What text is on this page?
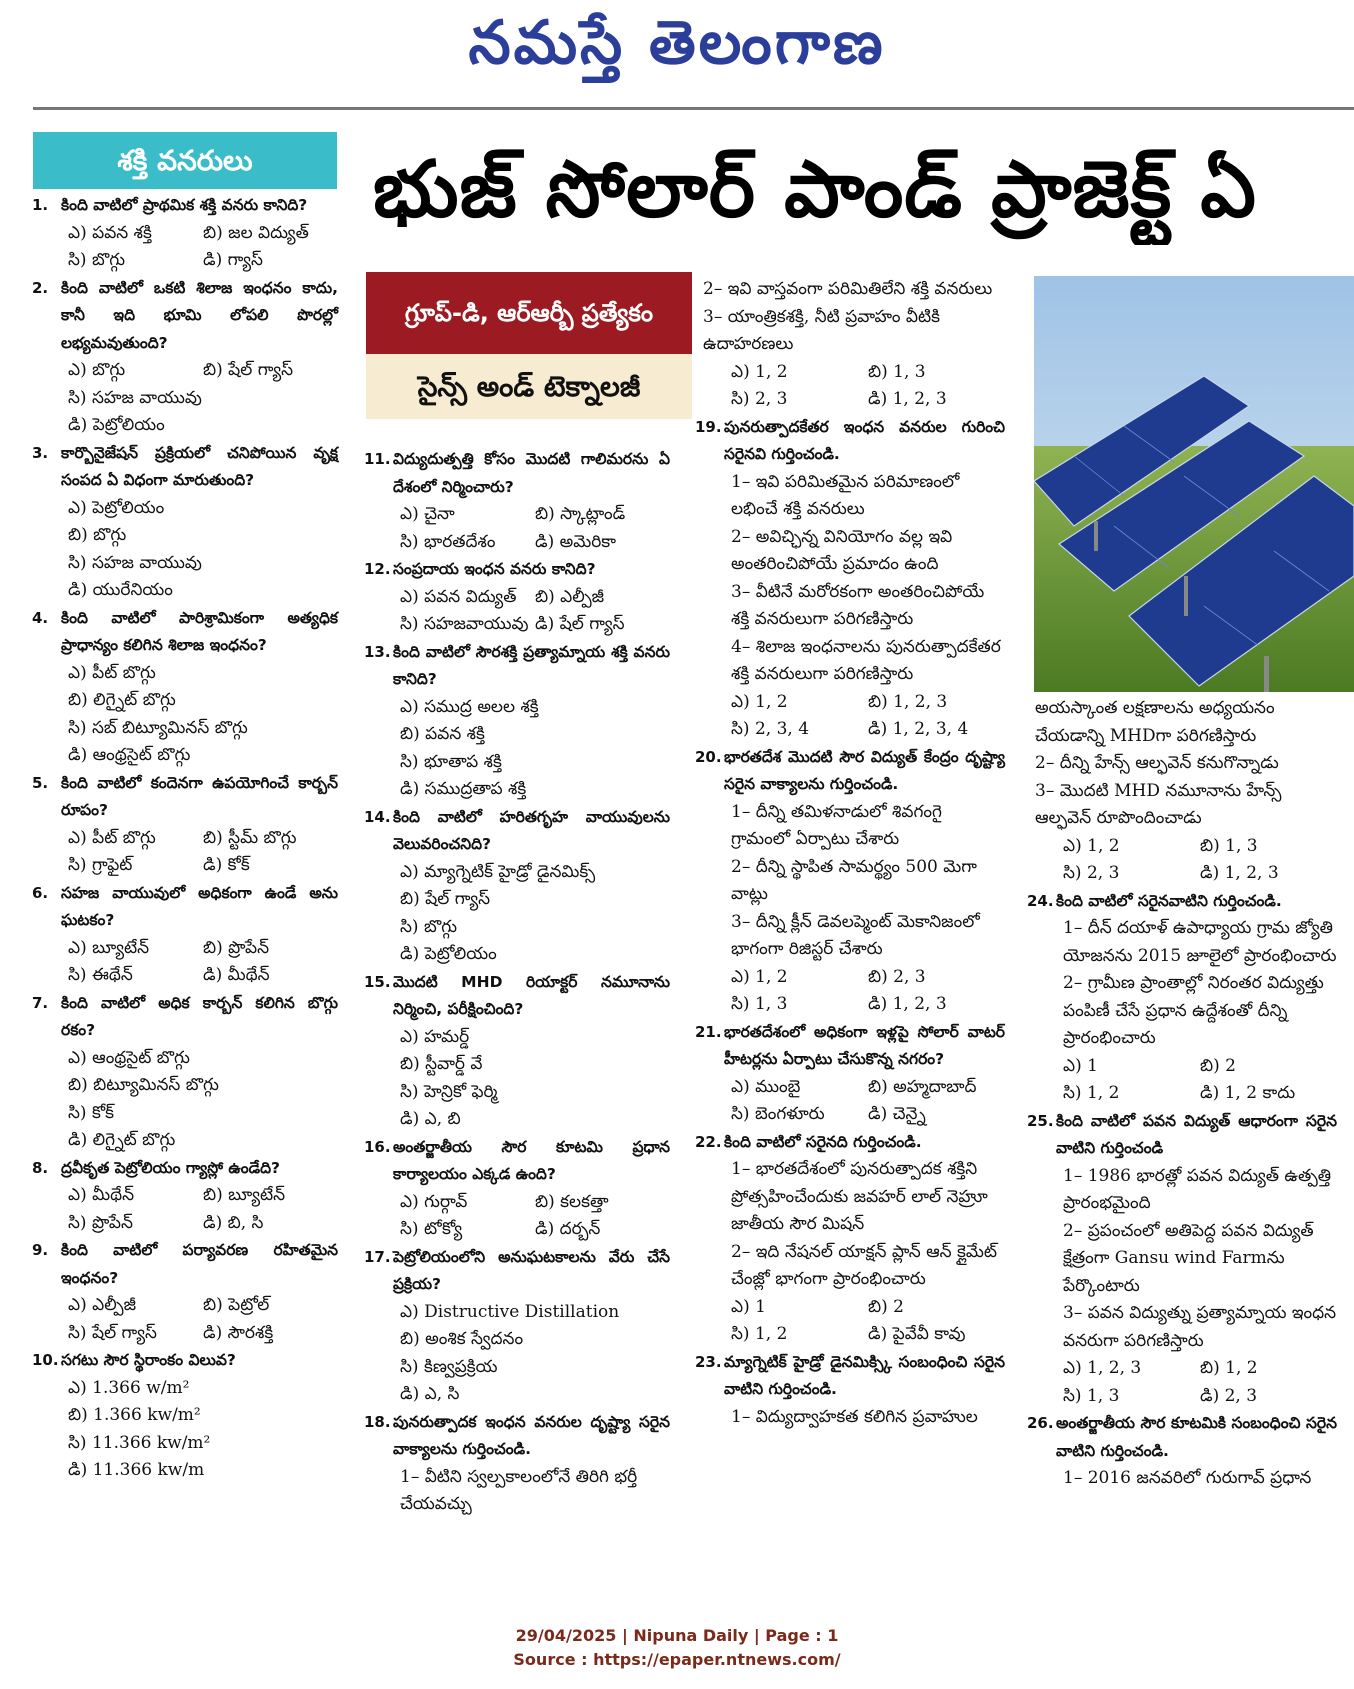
నమస్తే తెలంగాణ
శక్తి వనరులు	భుజ్ సోలార్ పాండ్ ప్రాజెక్ట్ ఏ
గ్రూప్-డి, ఆర్ఆర్బీ ప్రత్యేకం
సైన్స్ అండ్ టెక్నాలజీ
1. కింది వాటిలో ప్రాథమిక శక్తి వనరు కానిది?
ఎ) పవన శక్తి	బి) జల విద్యుత్
సి) బొగ్గు	డి) గ్యాస్
2. కింది వాటిలో ఒకటి శిలాజ ఇంధనం కాదు, కానీ ఇది భూమి లోపలి పొరల్లో లభ్యమవుతుంది?
ఎ) బొగ్గు	బి) షేల్ గ్యాస్
సి) సహజ వాయువు
డి) పెట్రోలియం
3. కార్బొనైజేషన్ ప్రక్రియలో చనిపోయిన వృక్ష సంపద ఏ విధంగా మారుతుంది?
ఎ) పెట్రోలియం
బి) బొగ్గు
సి) సహజ వాయువు
డి) యురేనియం
4. కింది వాటిలో పారిశ్రామికంగా అత్యధిక ప్రాధాన్యం కలిగిన శిలాజ ఇంధనం?
ఎ) పీట్ బొగ్గు
బి) లిగ్నైట్ బొగ్గు
సి) సబ్ బిట్యూమినస్ బొగ్గు
డి) ఆంథ్రసైట్ బొగ్గు
5. కింది వాటిలో కందెనగా ఉపయోగించే కార్బన్ రూపం?
ఎ) పీట్ బొగ్గు	బి) స్టీమ్ బొగ్గు
సి) గ్రాఫైట్	డి) కోక్
6. సహజ వాయువులో అధికంగా ఉండే అను ఘటకం?
ఎ) బ్యూటేన్	బి) ప్రొపేన్
సి) ఈథేన్	డి) మీథేన్
7. కింది వాటిలో అధిక కార్బన్ కలిగిన బొగ్గు రకం?
ఎ) ఆంథ్రసైట్ బొగ్గు
బి) బిట్యూమినస్ బొగ్గు
సి) కోక్
డి) లిగ్నైట్ బొగ్గు
8. ద్రవీకృత పెట్రోలియం గ్యాస్లో ఉండేది?
ఎ) మీథేన్	బి) బ్యూటేన్
సి) ప్రొపేన్	డి) బి, సి
9. కింది వాటిలో పర్యావరణ రహితమైన ఇంధనం?
ఎ) ఎల్పీజీ	బి) పెట్రోల్
సి) షేల్ గ్యాస్	డి) సౌరశక్తి
10. సగటు సౌర స్థిరాంకం విలువ?
ఎ) 1.366 w/m²
బి) 1.366 kw/m²
సి) 11.366 kw/m²
డి) 11.366 kw/m
11. విద్యుదుత్పత్తి కోసం మొదటి గాలిమరను ఏ దేశంలో నిర్మించారు?
ఎ) చైనా	బి) స్కాట్లాండ్
సి) భారతదేశం	డి) అమెరికా
12. సంప్రదాయ ఇంధన వనరు కానిది?
ఎ) పవన విద్యుత్	బి) ఎల్పీజీ
సి) సహజవాయువు డి) షేల్ గ్యాస్
13. కింది వాటిలో సౌరశక్తి ప్రత్యామ్నాయ శక్తి వనరు కానిది?
ఎ) సముద్ర అలల శక్తి
బి) పవన శక్తి
సి) భూతాప శక్తి
డి) సముద్రతాప శక్తి
14. కింది వాటిలో హరితగృహ వాయువులను వెలువరించనిది?
ఎ) మ్యాగ్నెటిక్ హైడ్రో డైనమిక్స్
బి) షేల్ గ్యాస్
సి) బొగ్గు
డి) పెట్రోలియం
15. మొదటి MHD రియాక్టర్ నమూనాను నిర్మించి, పరీక్షించింది?
ఎ) హమర్డ్
బి) స్టీవార్డ్ వే
సి) హెన్రికో ఫెర్మి
డి) ఎ, బి
16. అంతర్జాతీయ సౌర కూటమి ప్రధాన కార్యాలయం ఎక్కడ ఉంది?
ఎ) గుర్గావ్	బి) కలకత్తా
సి) టోక్యో	డి) దర్బన్
17. పెట్రోలియంలోని అనుఘటకాలను వేరు చేసే ప్రక్రియ?
ఎ) Distructive Distillation
బి) అంశిక స్వేదనం
సి) కిణ్వప్రక్రియ
డి) ఎ, సి
18. పునరుత్పాదక ఇంధన వనరుల దృష్ట్యా సరైన వాక్యాలను గుర్తించండి.
1– వీటిని స్వల్పకాలంలోనే తిరిగి భర్తీ చేయవచ్చు
2– ఇవి వాస్తవంగా పరిమితిలేని శక్తి వనరులు
3– యాంత్రికశక్తి, నీటి ప్రవాహం వీటికి ఉదాహరణలు
ఎ) 1, 2	బి) 1, 3
సి) 2, 3	డి) 1, 2, 3
19. పునరుత్పాదకేతర ఇంధన వనరుల గురించి సరైనవి గుర్తించండి.
1– ఇవి పరిమితమైన పరిమాణంలో లభించే శక్తి వనరులు
2– అవిచ్ఛిన్న వినియోగం వల్ల ఇవి అంతరించిపోయే ప్రమాదం ఉంది
3– వీటినే మరోరకంగా అంతరించిపోయే శక్తి వనరులుగా పరిగణిస్తారు
4– శిలాజ ఇంధనాలను పునరుత్పాదకేతర శక్తి వనరులుగా పరిగణిస్తారు
ఎ) 1, 2	బి) 1, 2, 3
సి) 2, 3, 4	డి) 1, 2, 3, 4
20. భారతదేశ మొదటి సౌర విద్యుత్ కేంద్రం దృష్ట్యా సరైన వాక్యాలను గుర్తించండి.
1– దీన్ని తమిళనాడులో శివగంగై గ్రామంలో ఏర్పాటు చేశారు
2– దీన్ని స్థాపిత సామర్థ్యం 500 మెగా వాట్లు
3– దీన్ని క్లీన్ డెవలప్మెంట్ మెకానిజంలో భాగంగా రిజిస్టర్ చేశారు
ఎ) 1, 2	బి) 2, 3
సి) 1, 3	డి) 1, 2, 3
21. భారతదేశంలో అధికంగా ఇళ్లపై సోలార్ వాటర్ హీటర్లను ఏర్పాటు చేసుకొన్న నగరం?
ఎ) ముంబై	బి) అహ్మదాబాద్
సి) బెంగళూరు	డి) చెన్నై
22. కింది వాటిలో సరైనది గుర్తించండి.
1– భారతదేశంలో పునరుత్పాదక శక్తిని ప్రోత్సహించేందుకు జవహర్ లాల్ నెహ్రూ జాతీయ సౌర మిషన్
2– ఇది నేషనల్ యాక్షన్ ప్లాన్ ఆన్ క్లైమేట్ చేంజ్లో భాగంగా ప్రారంభించారు
ఎ) 1	బి) 2
సి) 1, 2	డి) పైవేవీ కావు
23. మ్యాగ్నెటిక్ హైడ్రో డైనమిక్స్కి సంబంధించి సరైన వాటిని గుర్తించండి.
1– విద్యుద్వాహకత కలిగిన ప్రవాహుల
అయస్కాంత లక్షణాలను అధ్యయనం చేయడాన్ని MHDగా పరిగణిస్తారు
2– దీన్ని హేన్స్ ఆల్ఫవెన్ కనుగొన్నాడు
3– మొదటి MHD నమూనాను హేన్స్ ఆల్ఫవెన్ రూపొందించాడు
ఎ) 1, 2	బి) 1, 3
సి) 2, 3	డి) 1, 2, 3
24. కింది వాటిలో సరైనవాటిని గుర్తించండి.
1– దీన్ దయాళ్ ఉపాధ్యాయ గ్రామ జ్యోతి యోజనను 2015 జూలైలో ప్రారంభించారు
2– గ్రామీణ ప్రాంతాల్లో నిరంతర విద్యుత్తు పంపిణీ చేసే ప్రధాన ఉద్దేశంతో దీన్ని ప్రారంభించారు
ఎ) 1	బి) 2
సి) 1, 2	డి) 1, 2 కాదు
25. కింది వాటిలో పవన విద్యుత్ ఆధారంగా సరైన వాటిని గుర్తించండి
1– 1986 భారత్లో పవన విద్యుత్ ఉత్పత్తి ప్రారంభమైంది
2– ప్రపంచంలో అతిపెద్ద పవన విద్యుత్ క్షేత్రంగా Gansu wind Farmను పేర్కొంటారు
3– పవన విద్యుత్ను ప్రత్యామ్నాయ ఇంధన వనరుగా పరిగణిస్తారు
ఎ) 1, 2, 3	బి) 1, 2
సి) 1, 3	డి) 2, 3
26. అంతర్జాతీయ సౌర కూటమికి సంబంధించి సరైన వాటిని గుర్తించండి.
1– 2016 జనవరిలో గురుగావ్ ప్రధాన
29/04/2025 | Nipuna Daily | Page : 1
Source : https://epaper.ntnews.com/
